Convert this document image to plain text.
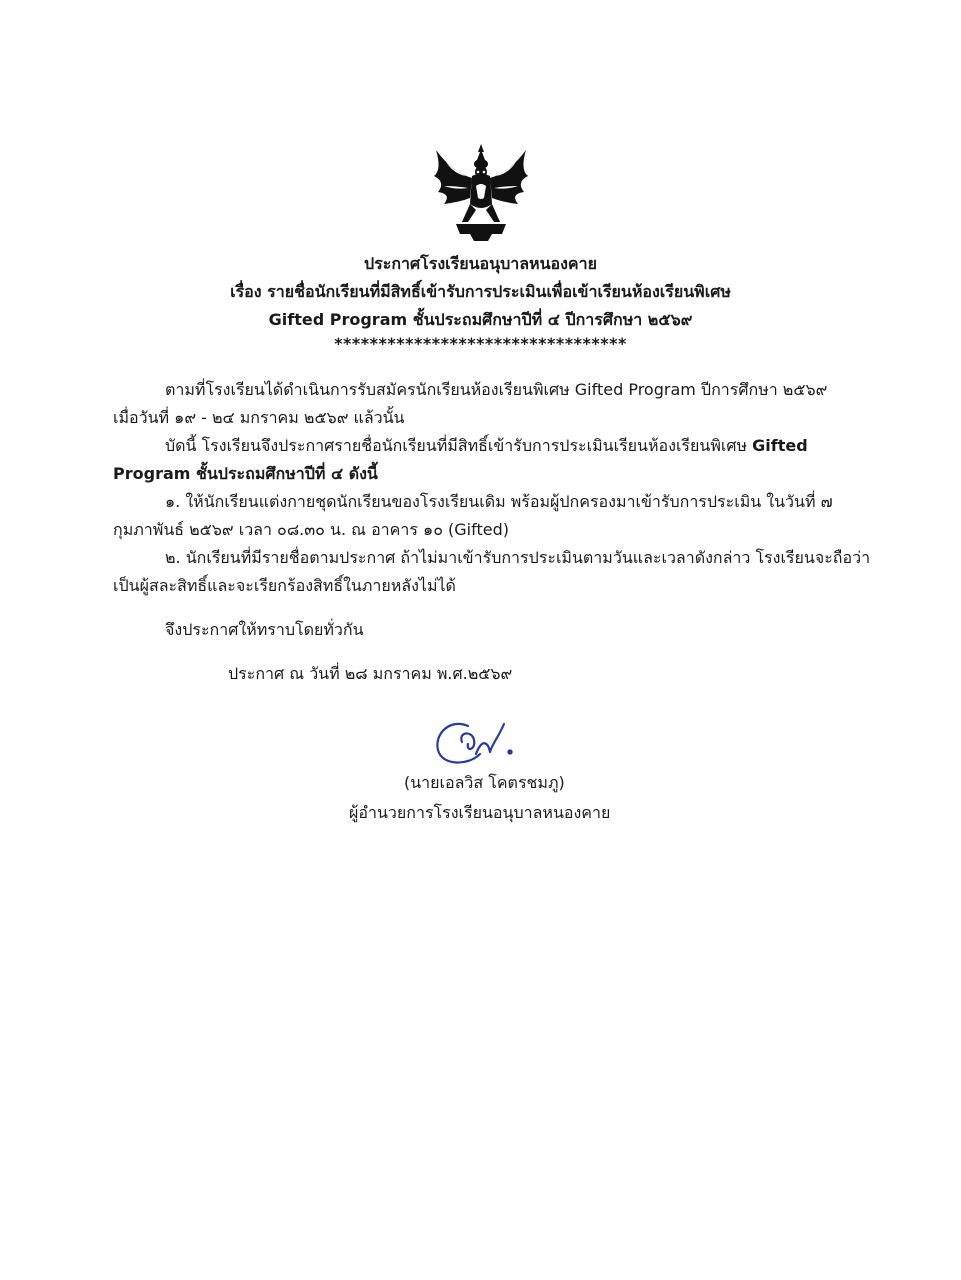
ประกาศโรงเรียนอนุบาลหนองคาย
เรื่อง รายชื่อนักเรียนที่มีสิทธิ์เข้ารับการประเมินเพื่อเข้าเรียนห้องเรียนพิเศษ
Gifted Program ชั้นประถมศึกษาปีที่ ๔ ปีการศึกษา ๒๕๖๙
*********************************
ตามที่โรงเรียนได้ดำเนินการรับสมัครนักเรียนห้องเรียนพิเศษ Gifted Program ปีการศึกษา ๒๕๖๙
เมื่อวันที่ ๑๙ - ๒๔ มกราคม ๒๕๖๙ แล้วนั้น
บัดนี้ โรงเรียนจึงประกาศรายชื่อนักเรียนที่มีสิทธิ์เข้ารับการประเมินเรียนห้องเรียนพิเศษ Gifted
Program ชั้นประถมศึกษาปีที่ ๔ ดังนี้
๑. ให้นักเรียนแต่งกายชุดนักเรียนของโรงเรียนเดิม พร้อมผู้ปกครองมาเข้ารับการประเมิน ในวันที่ ๗
กุมภาพันธ์ ๒๕๖๙ เวลา ๐๘.๓๐ น. ณ อาคาร ๑๐ (Gifted)
๒. นักเรียนที่มีรายชื่อตามประกาศ ถ้าไม่มาเข้ารับการประเมินตามวันและเวลาดังกล่าว โรงเรียนจะถือว่า
เป็นผู้สละสิทธิ์และจะเรียกร้องสิทธิ์ในภายหลังไม่ได้
จึงประกาศให้ทราบโดยทั่วกัน
ประกาศ ณ วันที่ ๒๘ มกราคม พ.ศ.๒๕๖๙
(นายเอลวิส โคตรชมภู)
ผู้อำนวยการโรงเรียนอนุบาลหนองคาย
